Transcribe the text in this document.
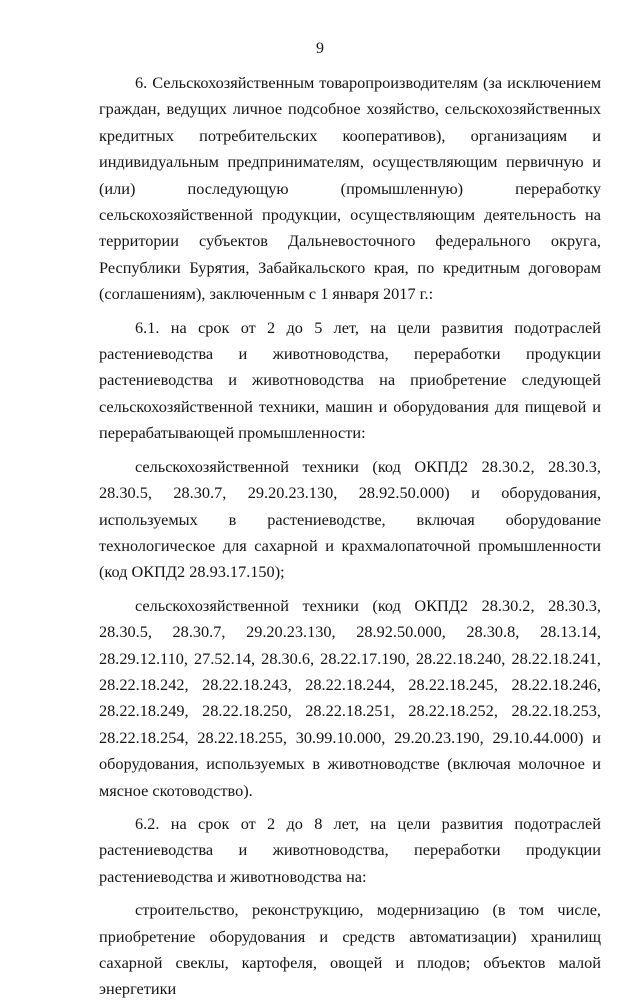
9

6. Сельскохозяйственным товаропроизводителям (за исключением граждан, ведущих личное подсобное хозяйство, сельскохозяйственных кредитных потребительских кооперативов), организациям и индивидуальным предпринимателям, осуществляющим первичную и (или) последующую (промышленную) переработку сельскохозяйственной продукции, осуществляющим деятельность на территории субъектов Дальневосточного федерального округа, Республики Бурятия, Забайкальского края, по кредитным договорам (соглашениям), заключенным с 1 января 2017 г.:

6.1. на срок от 2 до 5 лет, на цели развития подотраслей растениеводства и животноводства, переработки продукции растениеводства и животноводства на приобретение следующей сельскохозяйственной техники, машин и оборудования для пищевой и перерабатывающей промышленности:

сельскохозяйственной техники (код ОКПД2 28.30.2, 28.30.3, 28.30.5, 28.30.7, 29.20.23.130, 28.92.50.000) и оборудования, используемых в растениеводстве, включая оборудование технологическое для сахарной и крахмалопаточной промышленности (код ОКПД2 28.93.17.150);

сельскохозяйственной техники (код ОКПД2 28.30.2, 28.30.3, 28.30.5, 28.30.7, 29.20.23.130, 28.92.50.000, 28.30.8, 28.13.14, 28.29.12.110, 27.52.14, 28.30.6, 28.22.17.190, 28.22.18.240, 28.22.18.241, 28.22.18.242, 28.22.18.243, 28.22.18.244, 28.22.18.245, 28.22.18.246, 28.22.18.249, 28.22.18.250, 28.22.18.251, 28.22.18.252, 28.22.18.253, 28.22.18.254, 28.22.18.255, 30.99.10.000, 29.20.23.190, 29.10.44.000) и оборудования, используемых в животноводстве (включая молочное и мясное скотоводство).

6.2. на срок от 2 до 8 лет, на цели развития подотраслей растениеводства и животноводства, переработки продукции растениеводства и животноводства на:

строительство, реконструкцию, модернизацию (в том числе, приобретение оборудования и средств автоматизации) хранилищ сахарной свеклы, картофеля, овощей и плодов; объектов малой энергетики
